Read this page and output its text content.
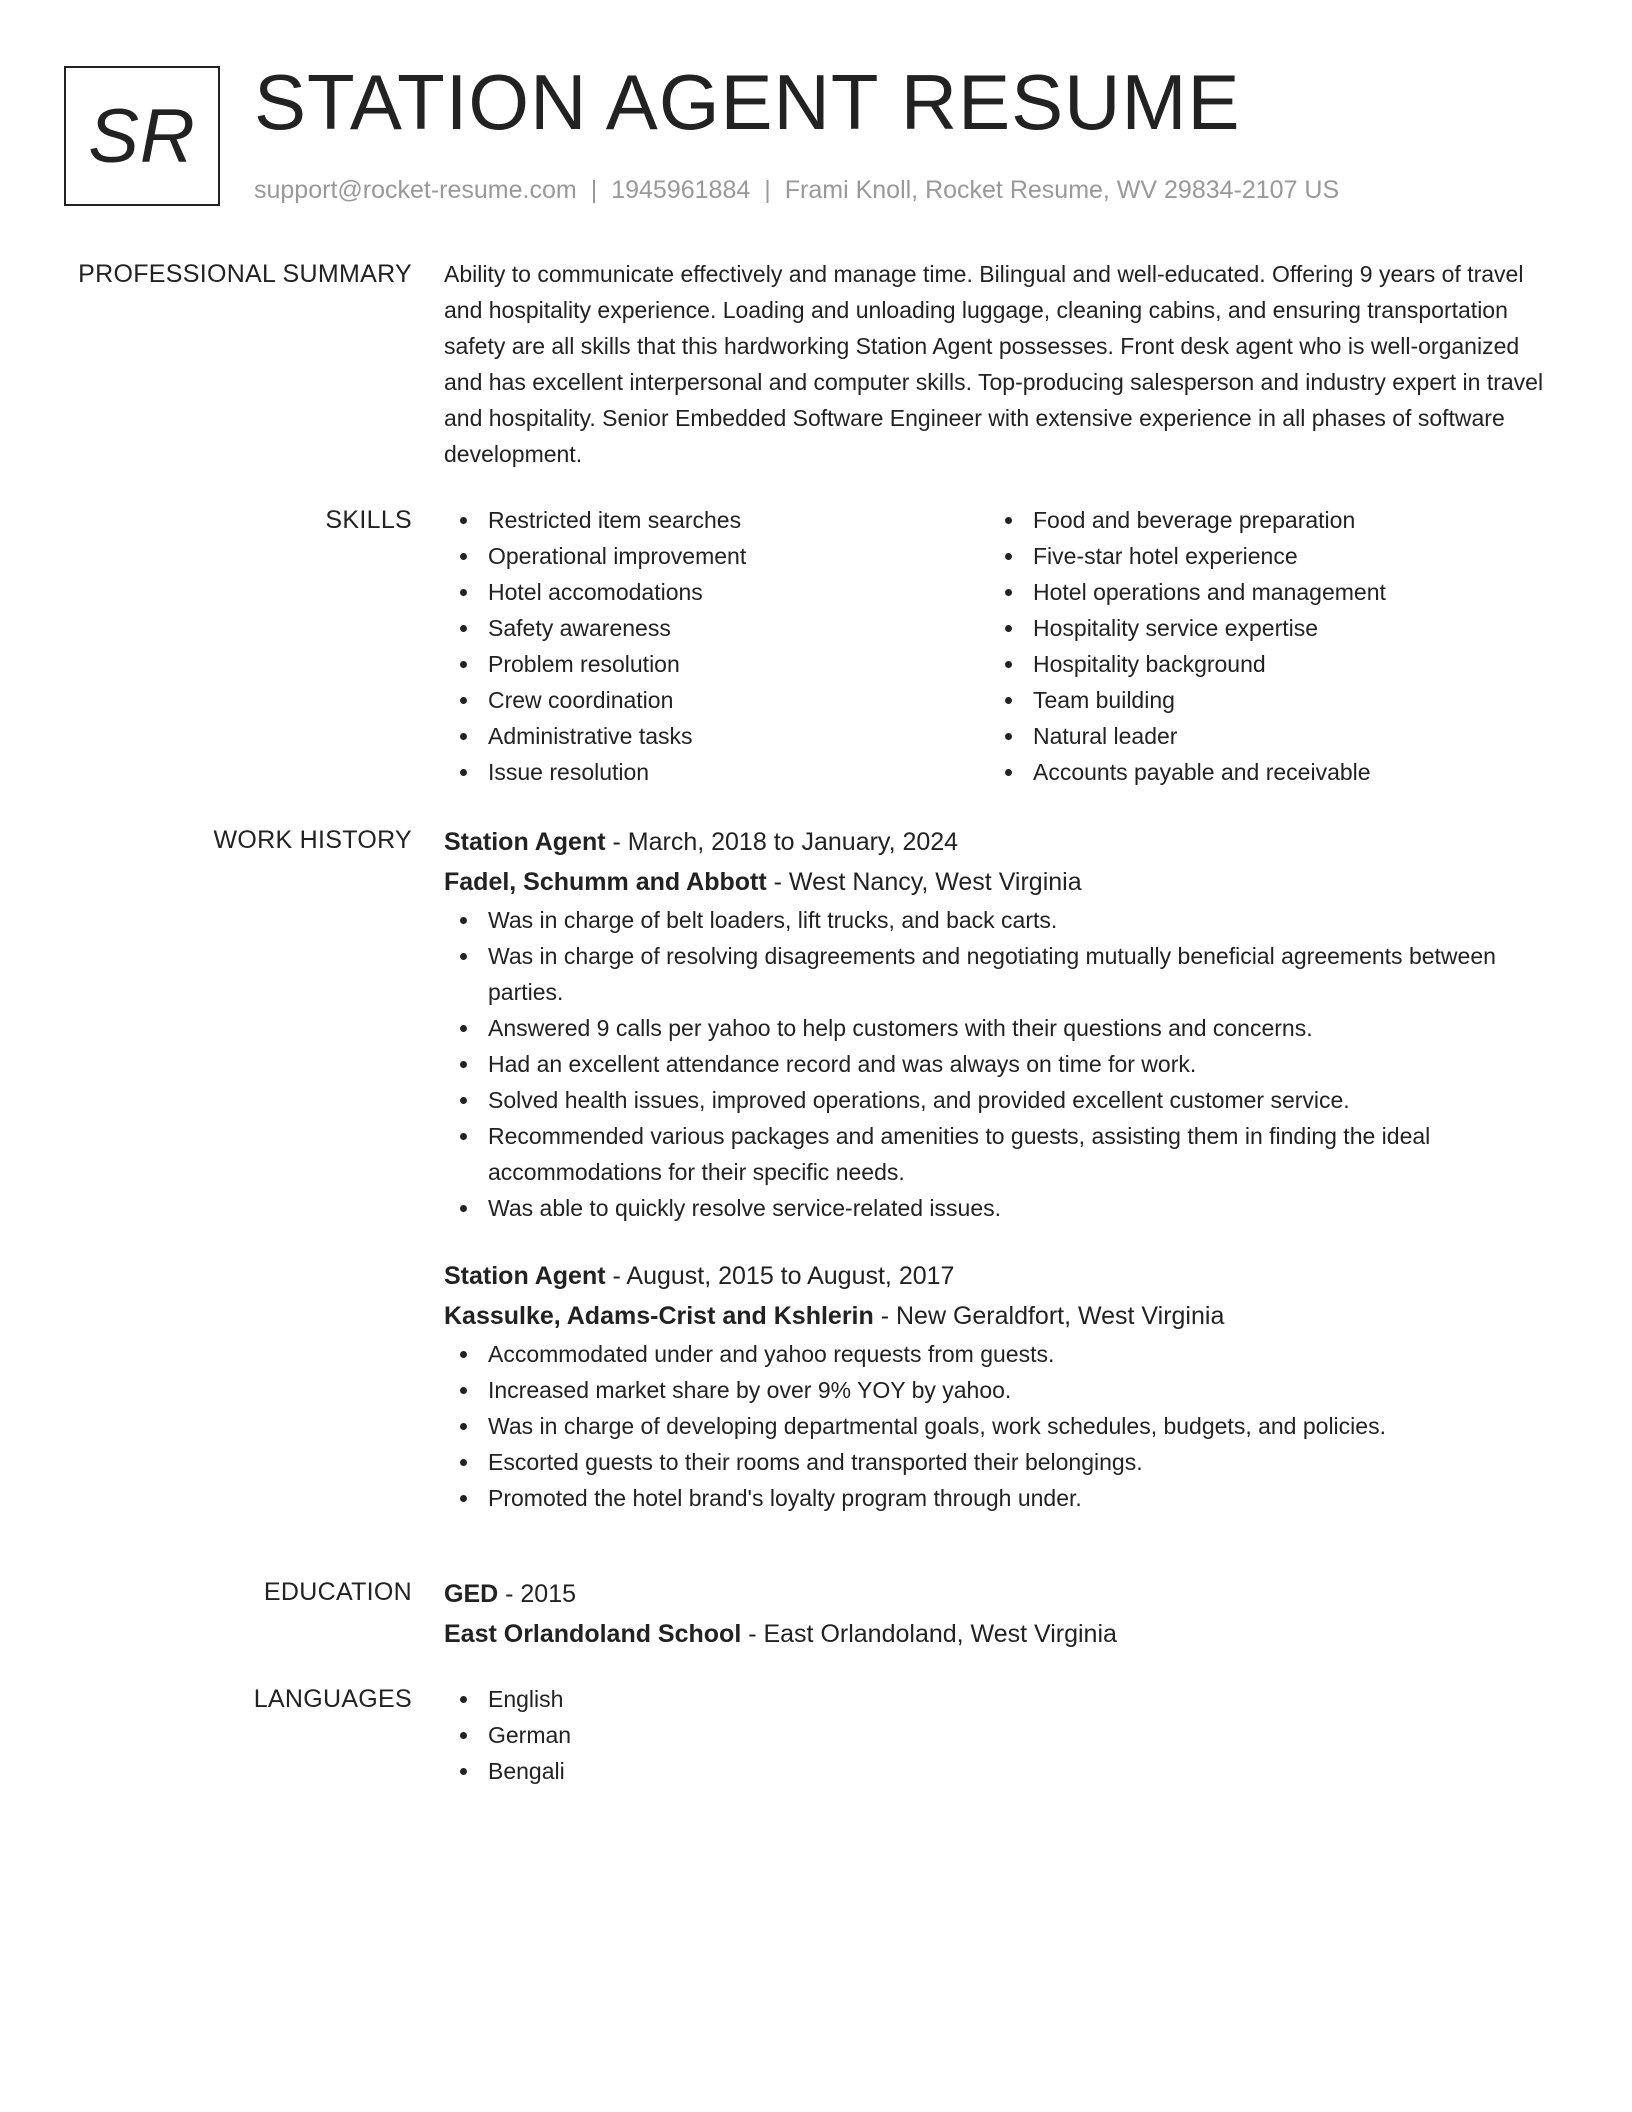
SR STATION AGENT RESUME
support@rocket-resume.com | 1945961884 | Frami Knoll, Rocket Resume, WV 29834-2107 US
PROFESSIONAL SUMMARY Ability to communicate effectively and manage time. Bilingual and well-educated. Offering 9 years of travel and hospitality experience. Loading and unloading luggage, cleaning cabins, and ensuring transportation safety are all skills that this hardworking Station Agent possesses. Front desk agent who is well-organized and has excellent interpersonal and computer skills. Top-producing salesperson and industry expert in travel and hospitality. Senior Embedded Software Engineer with extensive experience in all phases of software development.

SKILLS	Restricted item searches
Operational improvement
Hotel accomodations
Safety awareness
Problem resolution
Crew coordination
Administrative tasks
Issue resolution
Food and beverage preparation
Five-star hotel experience
Hotel operations and management
Hospitality service expertise
Hospitality background
Team building
Natural leader
Accounts payable and receivable
WORK HISTORY Station Agent - March, 2018 to January, 2024
Fadel, Schumm and Abbott - West Nancy, West Virginia
Was in charge of belt loaders, lift trucks, and back carts.
Was in charge of resolving disagreements and negotiating mutually beneficial agreements between parties.
Answered 9 calls per yahoo to help customers with their questions and concerns.
Had an excellent attendance record and was always on time for work.
Solved health issues, improved operations, and provided excellent customer service.
Recommended various packages and amenities to guests, assisting them in finding the ideal accommodations for their specific needs.
Was able to quickly resolve service-related issues.
Station Agent - August, 2015 to August, 2017
Kassulke, Adams-Crist and Kshlerin - New Geraldfort, West Virginia
Accommodated under and yahoo requests from guests.
Increased market share by over 9% YOY by yahoo.
Was in charge of developing departmental goals, work schedules, budgets, and policies.
Escorted guests to their rooms and transported their belongings.
Promoted the hotel brand's loyalty program through under.
EDUCATION GED - 2015
East Orlandoland School - East Orlandoland, West Virginia
LANGUAGES	English
German
Bengali
